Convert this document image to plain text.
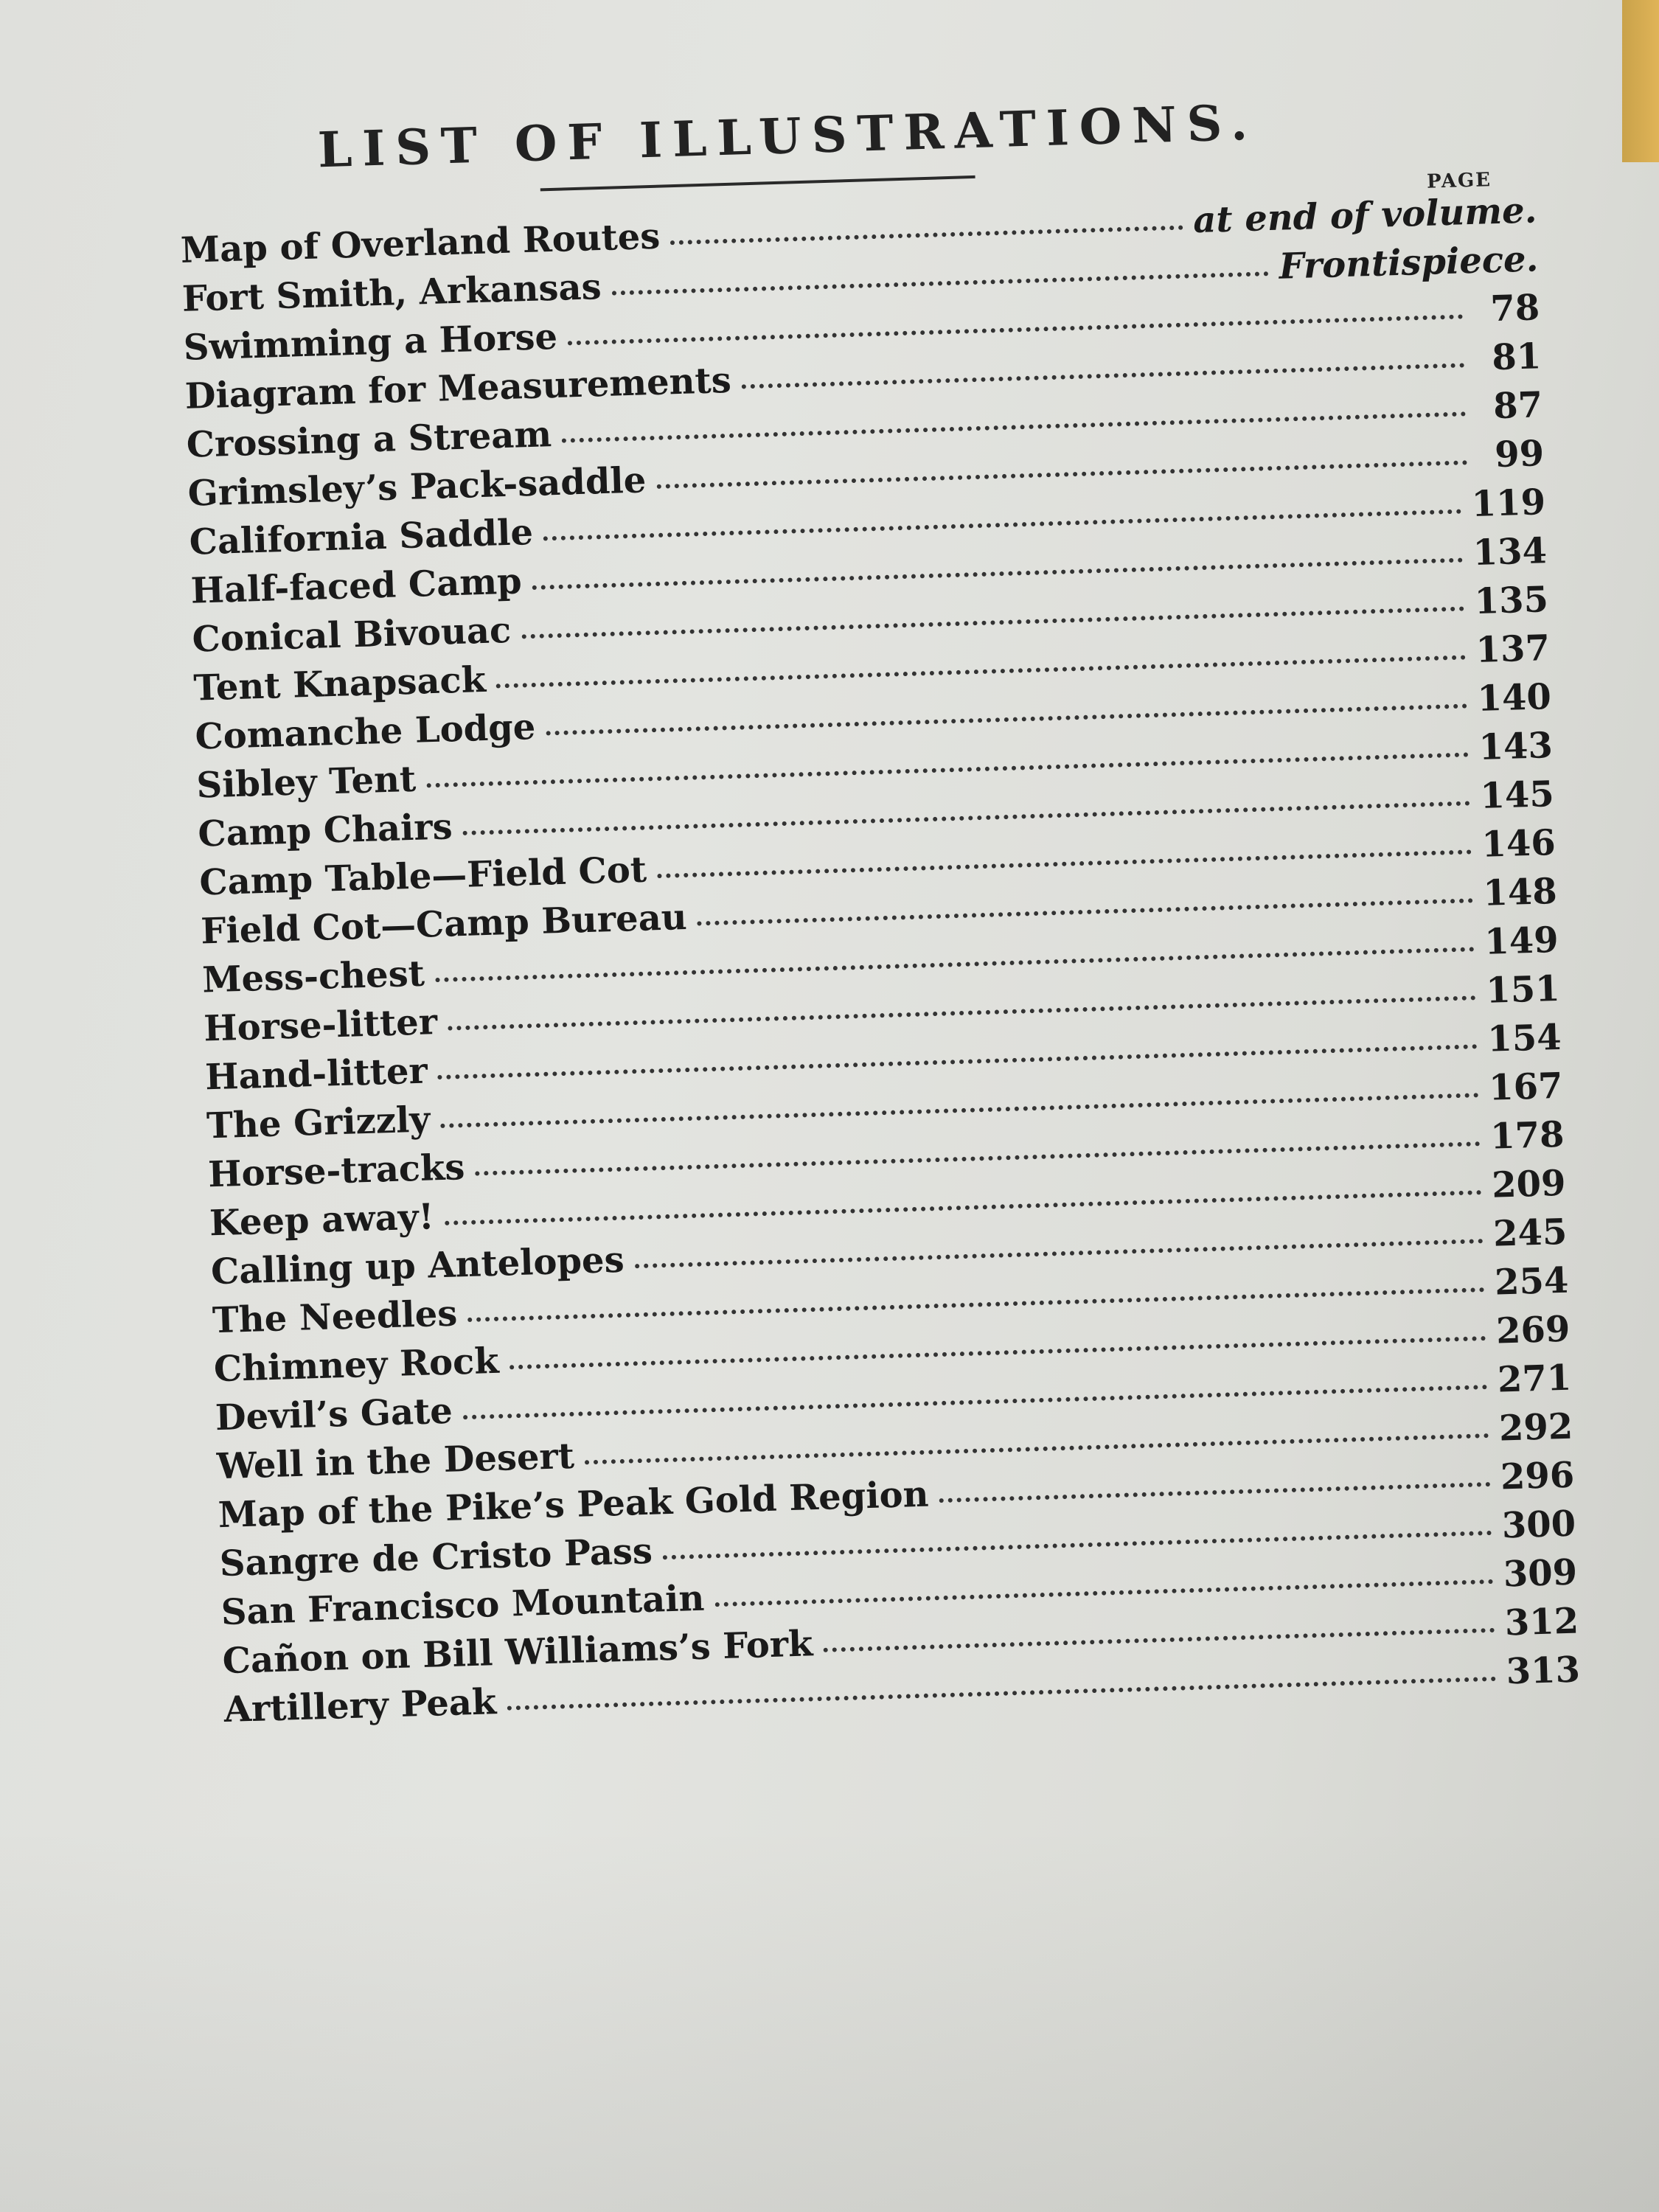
LIST OF ILLUSTRATIONS.
PAGE
Map of Overland Routes
at end of volume.
Fort Smith, Arkansas
Frontispiece.
Swimming a Horse
78
Diagram for Measurements
81
Crossing a Stream
87
Grimsley’s Pack-saddle
99
California Saddle
119
Half-faced Camp
134
Conical Bivouac
135
Tent Knapsack
137
Comanche Lodge
140
Sibley Tent
143
Camp Chairs
145
Camp Table—Field Cot
146
Field Cot—Camp Bureau
148
Mess-chest
149
Horse-litter
151
Hand-litter
154
The Grizzly
167
Horse-tracks
178
Keep away!
209
Calling up Antelopes
245
The Needles
254
Chimney Rock
269
Devil’s Gate
271
Well in the Desert
292
Map of the Pike’s Peak Gold Region	296
Sangre de Cristo Pass
300
San Francisco Mountain
309
Cañon on Bill Williams’s Fork
312
Artillery Peak
313
